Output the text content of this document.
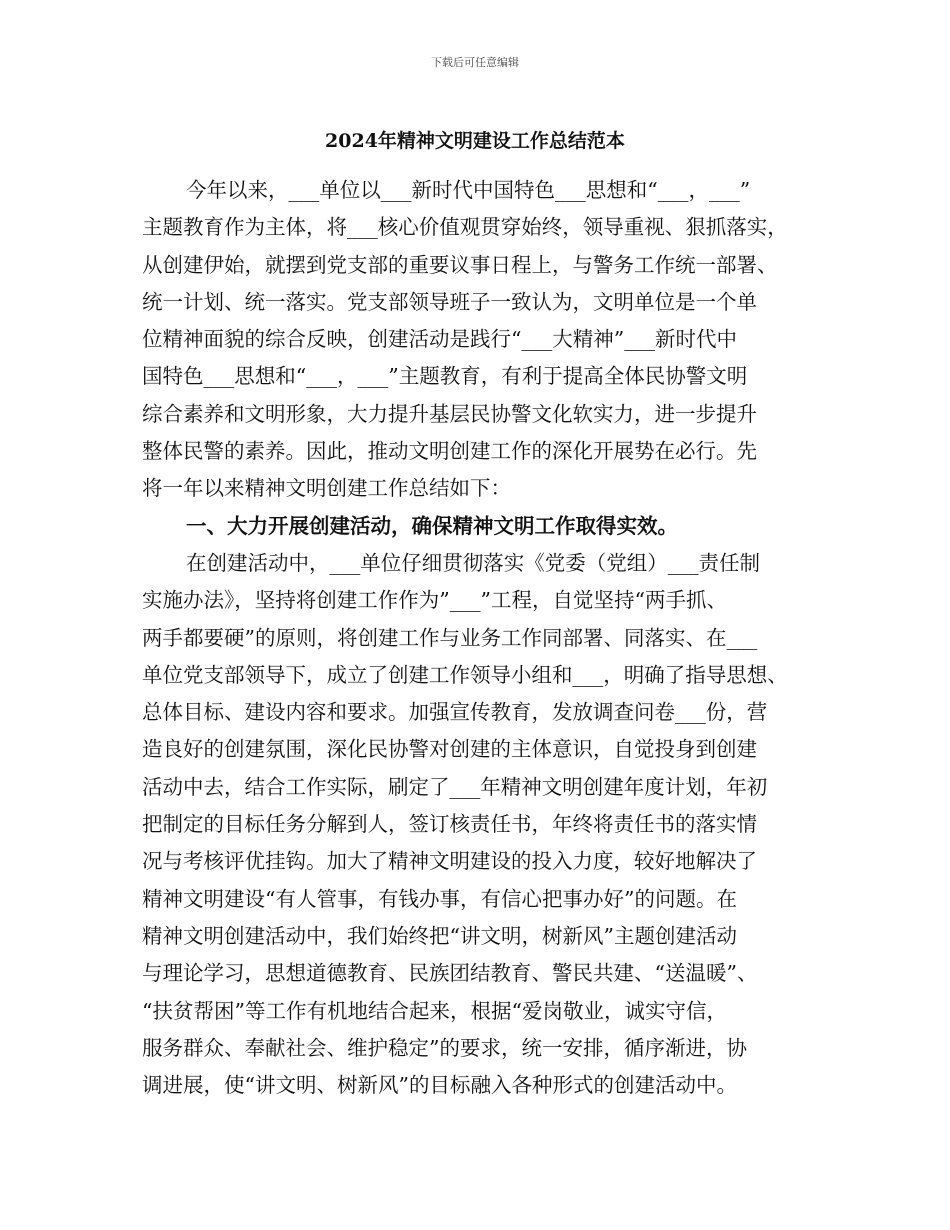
下载后可任意编辑
2024年精神文明建设工作总结范本
今年以来，___单位以___新时代中国特色___思想和“___，___”
主题教育作为主体，将___核心价值观贯穿始终，领导重视、狠抓落实，
从创建伊始，就摆到党支部的重要议事日程上，与警务工作统一部署、
统一计划、统一落实。党支部领导班子一致认为，文明单位是一个单
位精神面貌的综合反映，创建活动是践行“___大精神”___新时代中
国特色___思想和“___，___”主题教育，有利于提高全体民协警文明
综合素养和文明形象，大力提升基层民协警文化软实力，进一步提升
整体民警的素养。因此，推动文明创建工作的深化开展势在必行。先
将一年以来精神文明创建工作总结如下：
一、大力开展创建活动，确保精神文明工作取得实效。
在创建活动中，___单位仔细贯彻落实《党委（党组）___责任制
实施办法》，坚持将创建工作作为”___”工程，自觉坚持“两手抓、
两手都要硬”的原则，将创建工作与业务工作同部署、同落实、在___
单位党支部领导下，成立了创建工作领导小组和___，明确了指导思想、
总体目标、建设内容和要求。加强宣传教育，发放调查问卷___份，营
造良好的创建氛围，深化民协警对创建的主体意识，自觉投身到创建
活动中去，结合工作实际，刷定了___年精神文明创建年度计划，年初
把制定的目标任务分解到人，签订核责任书，年终将责任书的落实情
况与考核评优挂钩。加大了精神文明建设的投入力度，较好地解决了
精神文明建设“有人管事，有钱办事，有信心把事办好”的问题。在
精神文明创建活动中，我们始终把“讲文明，树新风”主题创建活动
与理论学习，思想道德教育、民族团结教育、警民共建、“送温暖”、
“扶贫帮困”等工作有机地结合起来，根据“爱岗敬业，诚实守信，
服务群众、奉献社会、维护稳定”的要求，统一安排，循序渐进，协
调进展，使“讲文明、树新风”的目标融入各种形式的创建活动中。
